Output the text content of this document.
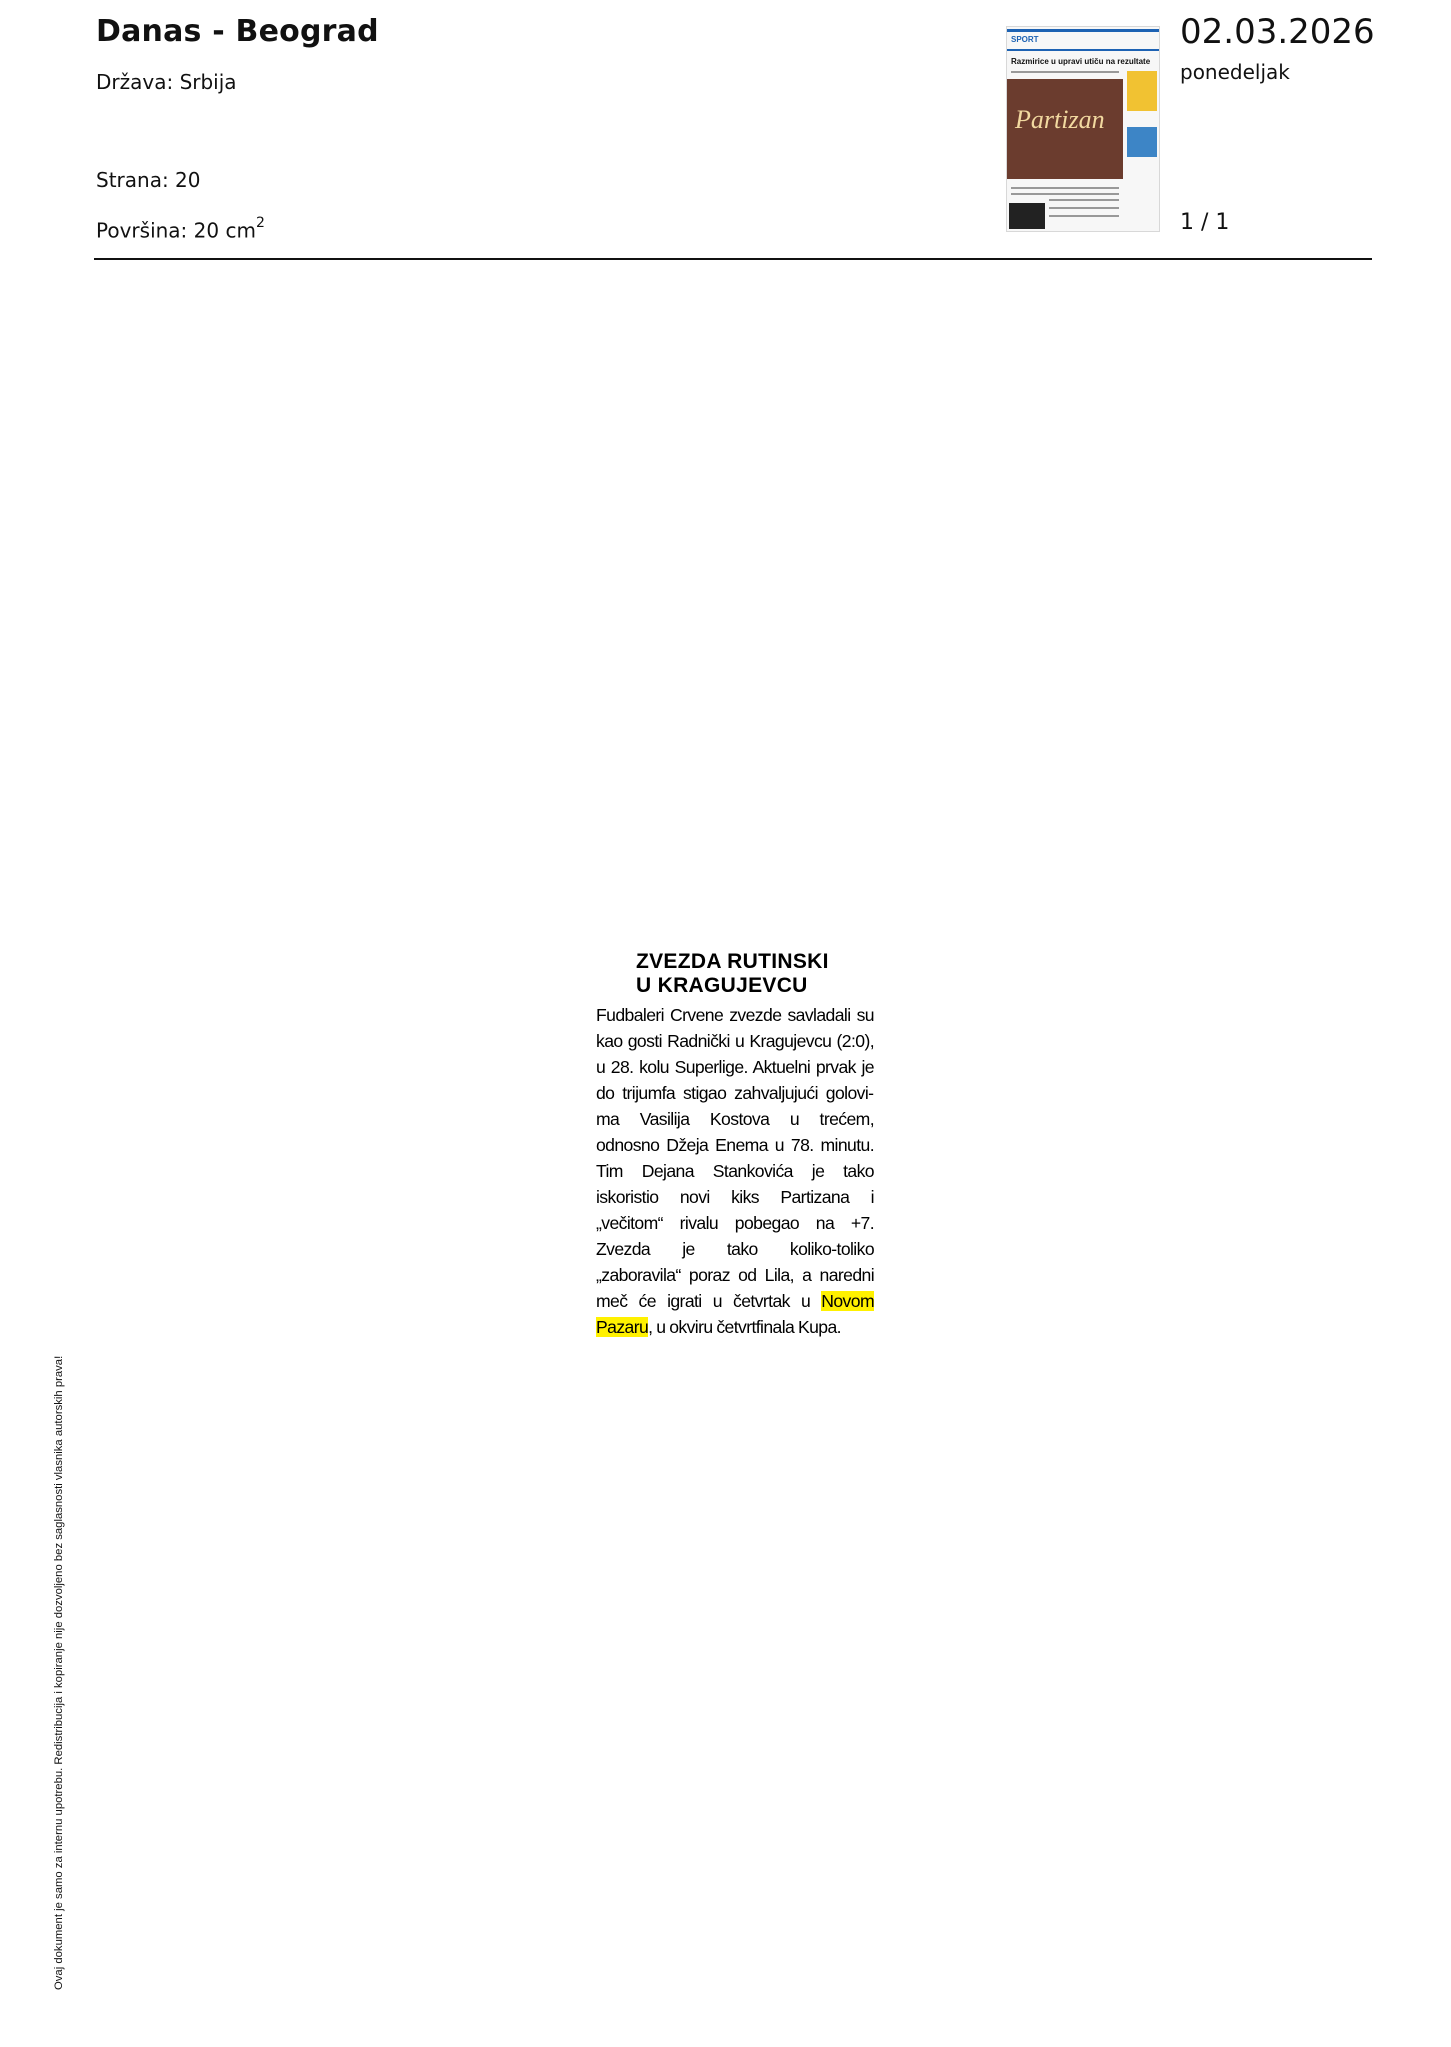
Danas - Beograd
Država: Srbija
Strana: 20
Površina: 20 $cm^2$
SPORT
Razmirice u upravi utiču na rezultate
Partizan
02.03.2026
ponedeljak
1 / 1
ZVEZDA RUTINSKI
U KRAGUJEVCU

Fudbaleri Crvene zvezde savladali su kao gosti Radnički u Kragujevcu (2:0), u 28. kolu Superlige. Aktuelni prvak je do trijumfa stigao zahvaljujući golovima Vasilija Kostova u trećem, odnosno Džeja Enema u 78. minutu. Tim Dejana Stankovića je tako iskoristio novi kiks Partizana i „večitom“ rivalu pobegao na +7. Zvezda je tako koliko-toliko „zaboravila“ poraz od Lila, a naredni meč će igrati u četvrtak u Novom Pazaru, u okviru četvrtfinala Kupa.

Ovaj dokument je samo za internu upotrebu. Redistribucija i kopiranje nije dozvoljeno bez saglasnosti vlasnika autorskih prava!
